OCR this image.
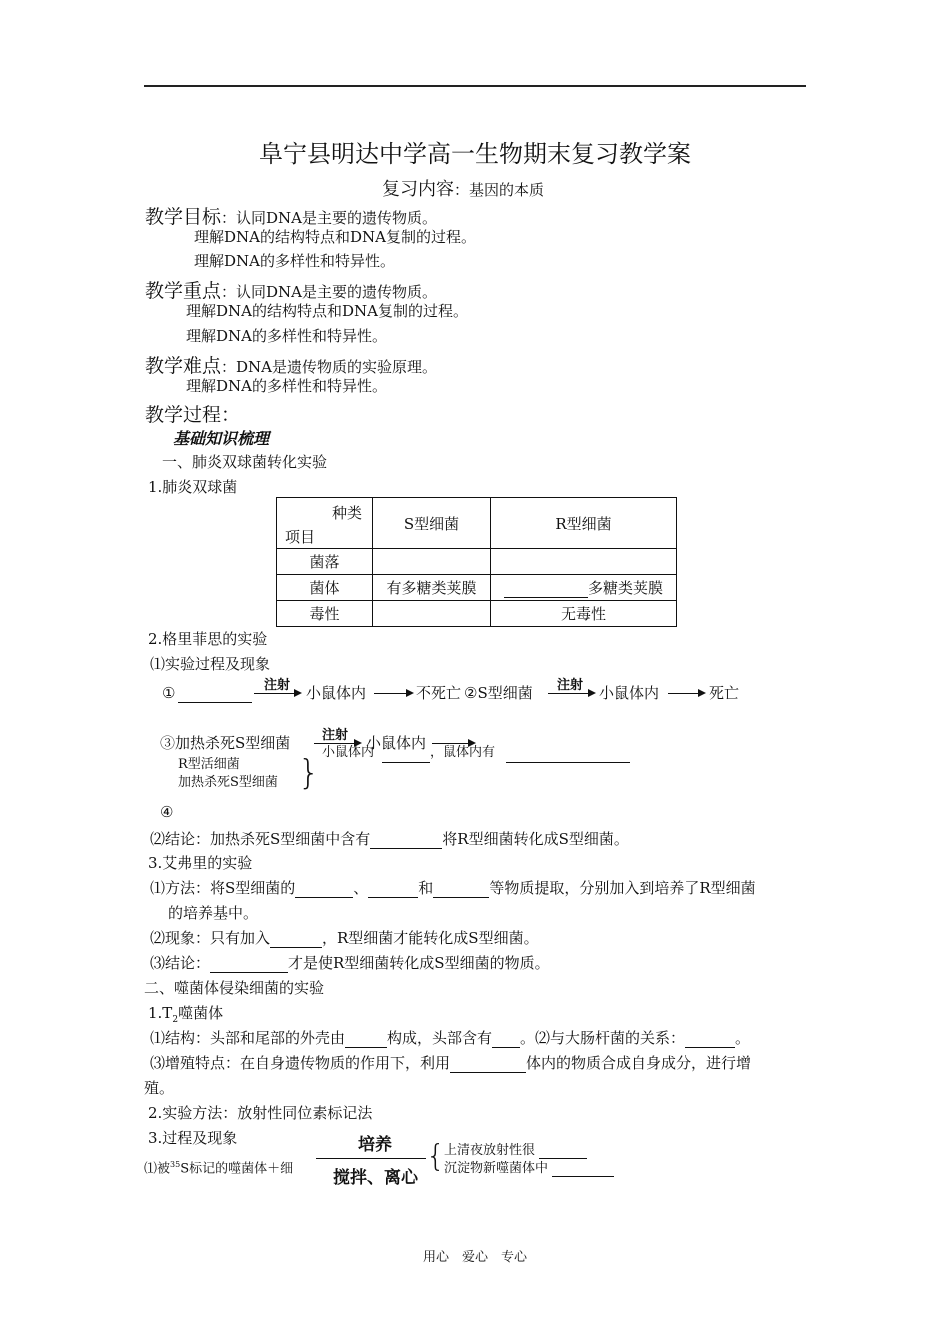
阜宁县明达中学高一生物期末复习教学案
复习内容：基因的本质
教学目标：认同DNA是主要的遗传物质。
理解DNA的结构特点和DNA复制的过程。
理解DNA的多样性和特异性。
教学重点：认同DNA是主要的遗传物质。
理解DNA的结构特点和DNA复制的过程。
理解DNA的多样性和特异性。
教学难点：DNA是遗传物质的实验原理。
理解DNA的多样性和特异性。
教学过程：
基础知识梳理
一、肺炎双球菌转化实验
1.肺炎双球菌
种类
项目	S型细菌	R型细菌
菌落		
菌体	有多糖类荚膜	多糖类荚膜
毒性		无毒性
2.格里菲思的实验
⑴实验过程及现象
①	注射 小鼠体内	不死亡 ②S型细菌 注射 小鼠体内	死亡
③加热杀死S型细菌 注射 小鼠体内
小鼠体内	，鼠体内有
R型活细菌
加热杀死S型细菌 }
④
⑵结论：加热杀死S型细菌中含有	将R型细菌转化成S型细菌。
3.艾弗里的实验
⑴方法：将S型细菌的	、	和	等物质提取，分别加入到培养了R型细菌
的培养基中。
⑵现象：只有加入	，R型细菌才能转化成S型细菌。
⑶结论：	才是使R型细菌转化成S型细菌的物质。
二、噬菌体侵染细菌的实验
$1.T_2$噬菌体
⑴结构：头部和尾部的外壳由	构成，头部含有 。⑵与大肠杆菌的关系：	。
⑶增殖特点：在自身遗传物质的作用下，利用	体内的物质合成自身成分，进行增
殖。
2.实验方法：放射性同位素标记法
3.过程及现象
⑴被$^{35}$S标记的噬菌体＋细
培养
搅拌、离心
{
上清夜放射性很
沉淀物新噬菌体中
用心　爱心　专心
